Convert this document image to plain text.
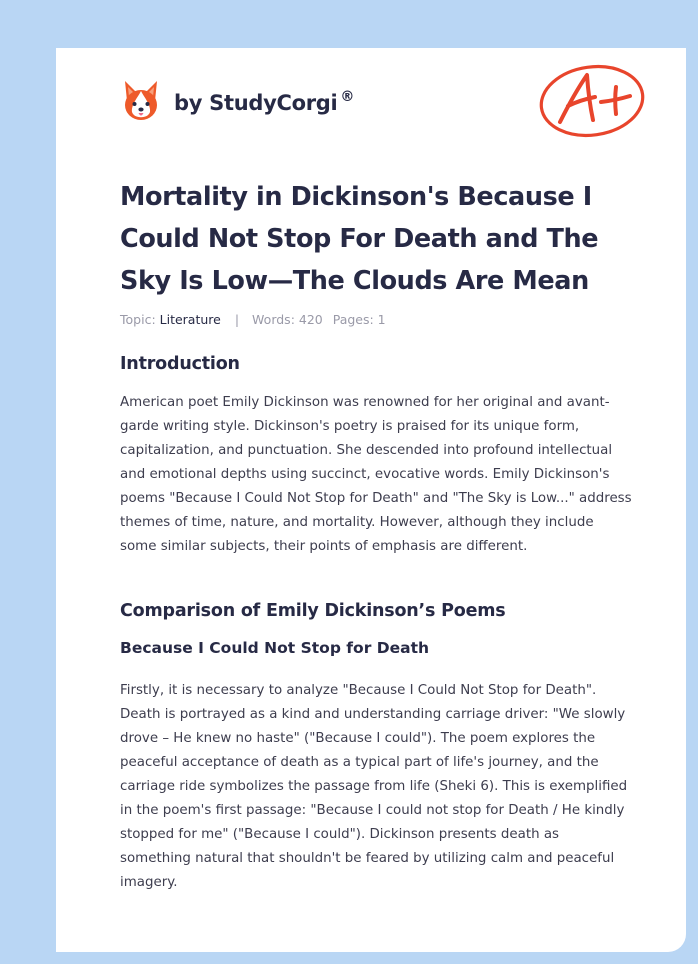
by StudyCorgi ®
Mortality in Dickinson's Because I Could Not Stop For Death and The Sky Is Low—The Clouds Are Mean
Topic: Literature | Words: 420 Pages: 1
Introduction

American poet Emily Dickinson was renowned for her original and avant-garde writing style. Dickinson's poetry is praised for its unique form, capitalization, and punctuation. She descended into profound intellectual and emotional depths using succinct, evocative words. Emily Dickinson's poems "Because I Could Not Stop for Death" and "The Sky is Low..." address themes of time, nature, and mortality. However, although they include some similar subjects, their points of emphasis are different.

Comparison of Emily Dickinson’s Poems
Because I Could Not Stop for Death

Firstly, it is necessary to analyze "Because I Could Not Stop for Death". Death is portrayed as a kind and understanding carriage driver: "We slowly drove – He knew no haste" ("Because I could"). The poem explores the peaceful acceptance of death as a typical part of life's journey, and the carriage ride symbolizes the passage from life (Sheki 6). This is exemplified in the poem's first passage: "Because I could not stop for Death / He kindly stopped for me" ("Because I could"). Dickinson presents death as something natural that shouldn't be feared by utilizing calm and peaceful imagery.
